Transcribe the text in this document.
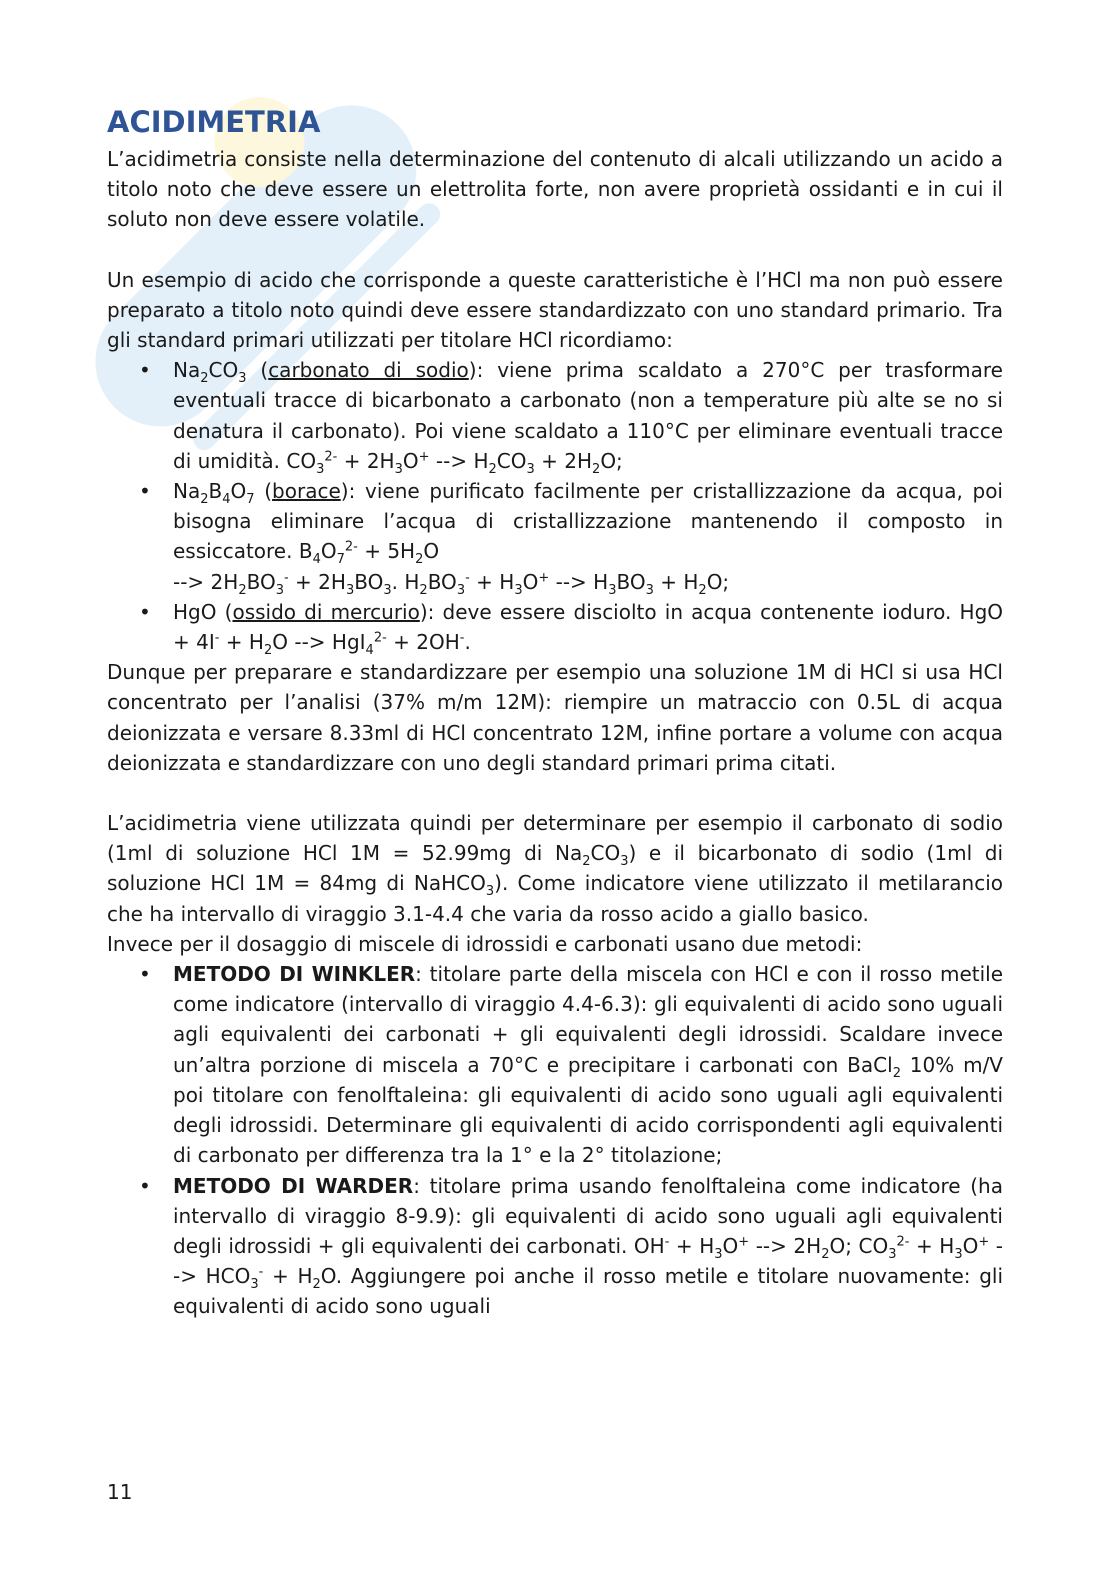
ACIDIMETRIA

L’acidimetria consiste nella determinazione del contenuto di alcali utilizzando un acido a titolo noto che deve essere un elettrolita forte, non avere proprietà ossidanti e in cui il soluto non deve essere volatile.

Un esempio di acido che corrisponde a queste caratteristiche è l’HCl ma non può essere preparato a titolo noto quindi deve essere standardizzato con uno standard primario. Tra gli standard primari utilizzati per titolare HCl ricordiamo:

• $Na_2CO_3$ (carbonato di sodio): viene prima scaldato a 270°C per trasformare eventuali tracce di bicarbonato a carbonato (non a temperature più alte se no si denatura il carbonato). Poi viene scaldato a 110°C per eliminare eventuali tracce di umidità. $CO_3^{2-} + 2H_3O^+$ --> $H_2CO_3 + 2H_2O$;
• $Na_2B_4O_7$ (borace): viene purificato facilmente per cristallizzazione da acqua, poi bisogna eliminare l’acqua di cristallizzazione mantenendo il composto in essiccatore. $B_4O_7^{2-} + 5H_2O$
--> $2H_2BO_3^- + 2H_3BO_3$. $H_2BO_3^- + H_3O^+$ --> $H_3BO_3 + H_2O$;
• HgO (ossido di mercurio): deve essere disciolto in acqua contenente ioduro. HgO + $4I^- + H_2O$ --> HgI$_4^{2-}$ + 2OH-.

Dunque per preparare e standardizzare per esempio una soluzione 1M di HCl si usa HCl concentrato per l’analisi (37% m/m 12M): riempire un matraccio con 0.5L di acqua deionizzata e versare 8.33ml di HCl concentrato 12M, infine portare a volume con acqua deionizzata e standardizzare con uno degli standard primari prima citati.

L’acidimetria viene utilizzata quindi per determinare per esempio il carbonato di sodio (1ml di soluzione HCl 1M = 52.99mg di $Na_2CO_3$) e il bicarbonato di sodio (1ml di soluzione HCl 1M = 84mg di NaHCO$_3$). Come indicatore viene utilizzato il metilarancio che ha intervallo di viraggio 3.1-4.4 che varia da rosso acido a giallo basico.

Invece per il dosaggio di miscele di idrossidi e carbonati usano due metodi:

• METODO DI WINKLER: titolare parte della miscela con HCl e con il rosso metile come indicatore (intervallo di viraggio 4.4-6.3): gli equivalenti di acido sono uguali agli equivalenti dei carbonati + gli equivalenti degli idrossidi. Scaldare invece un’altra porzione di miscela a 70°C e precipitare i carbonati con BaCl$_2$ 10% m/V poi titolare con fenolftaleina: gli equivalenti di acido sono uguali agli equivalenti degli idrossidi. Determinare gli equivalenti di acido corrispondenti agli equivalenti di carbonato per differenza tra la 1° e la 2° titolazione;
• METODO DI WARDER: titolare prima usando fenolftaleina come indicatore (ha intervallo di viraggio 8-9.9): gli equivalenti di acido sono uguali agli equivalenti degli idrossidi + gli equivalenti dei carbonati. $OH^- + H_3O^+$ --> $2H_2O$; $CO_3^{2-} + H_3O^+$ --> $HCO_3^- + H_2O$. Aggiungere poi anche il rosso metile e titolare nuovamente: gli equivalenti di acido sono uguali
11
